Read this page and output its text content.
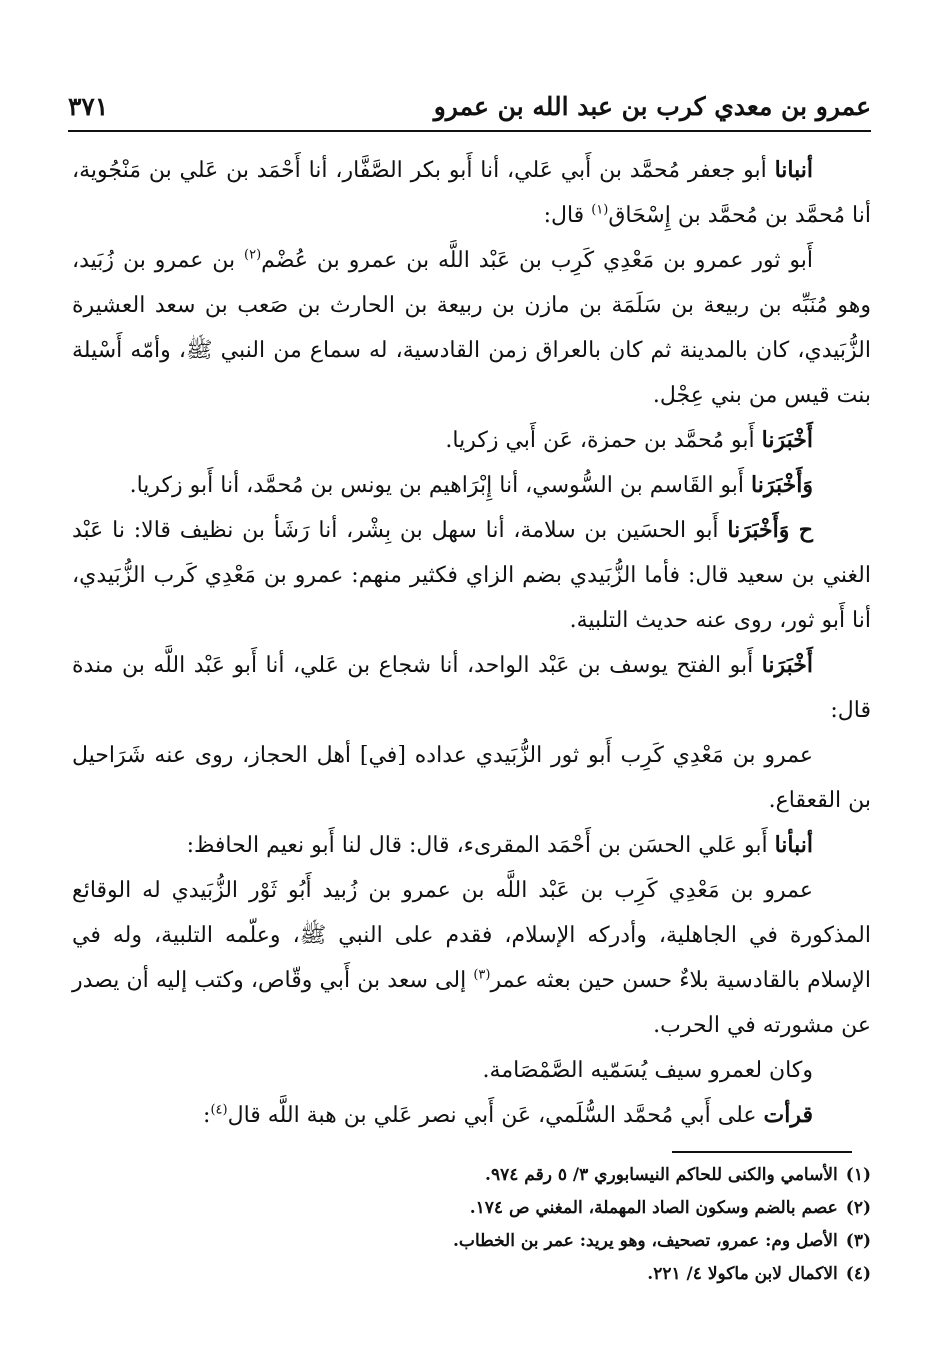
عمرو بن معدي كرب بن عبد الله بن عمرو
٣٧١

أنبانا أبو جعفر مُحمَّد بن أَبي عَلي، أنا أَبو بكر الصَّفَّار، أنا أَحْمَد بن عَلي بن مَنْجُوية، أنا مُحمَّد بن مُحمَّد بن إِسْحَاق$^{(١)}$ قال:

أَبو ثور عمرو بن مَعْدِي كَرِب بن عَبْد اللَّه بن عمرو بن عُضْم$^{(٢)}$ بن عمرو بن زُبَيد، وهو مُنَبِّه بن ربيعة بن سَلَمَة بن مازن بن ربيعة بن الحارث بن صَعب بن سعد العشيرة الزُّبَيدي، كان بالمدينة ثم كان بالعراق زمن القادسية، له سماع من النبي ﷺ، وأمّه أَسْيلة بنت قيس من بني عِجْل.

أَخْبَرَنا أَبو مُحمَّد بن حمزة، عَن أَبي زكريا.

وَأَخْبَرَنا أَبو القَاسم بن السُّوسي، أنا إِبْرَاهيم بن يونس بن مُحمَّد، أنا أَبو زكريا.

ح وَأَخْبَرَنا أَبو الحسَين بن سلامة، أنا سهل بن بِشْر، أنا رَشَأ بن نظيف قالا: نا عَبْد الغني بن سعيد قال: فأما الزُّبَيدي بضم الزاي فكثير منهم: عمرو بن مَعْدِي كَرب الزُّبَيدي، أنا أَبو ثور، روى عنه حديث التلبية.

أَخْبَرَنا أَبو الفتح يوسف بن عَبْد الواحد، أنا شجاع بن عَلي، أنا أَبو عَبْد اللَّه بن مندة قال:

عمرو بن مَعْدِي كَرِب أَبو ثور الزُّبَيدي عداده [في] أهل الحجاز، روى عنه شَرَاحيل بن القعقاع.

أنبأنا أَبو عَلي الحسَن بن أَحْمَد المقرىء، قال: قال لنا أَبو نعيم الحافظ:

عمرو بن مَعْدِي كَرِب بن عَبْد اللَّه بن عمرو بن زُبيد أَبُو ثَوْر الزُّبَيدي له الوقائع المذكورة في الجاهلية، وأدركه الإسلام، فقدم على النبي ﷺ، وعلّمه التلبية، وله في الإسلام بالقادسية بلاءٌ حسن حين بعثه عمر$^{(٣)}$ إلى سعد بن أَبي وقّاص، وكتب إليه أن يصدر عن مشورته في الحرب.

وكان لعمرو سيف يُسَمّيه الصَّمْصَامة.

قرأت على أَبي مُحمَّد السُّلَمي، عَن أَبي نصر عَلي بن هبة اللَّه قال$^{(٤)}$:

(١)
الأسامي والكنى للحاكم النيسابوري ٣/ ٥ رقم ٩٧٤.
(٢)
عصم بالضم وسكون الصاد المهملة، المغني ص ١٧٤.
(٣)
الأصل وم: عمرو، تصحيف، وهو يريد: عمر بن الخطاب.
(٤)
الاكمال لابن ماكولا ٤/ ٢٢١.
